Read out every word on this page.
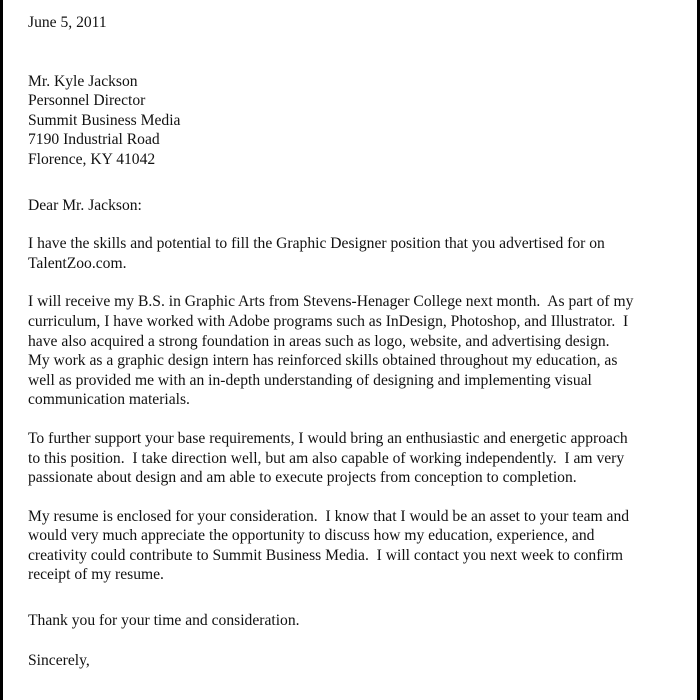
June 5, 2011
Mr. Kyle Jackson
Personnel Director
Summit Business Media
7190 Industrial Road
Florence, KY 41042
Dear Mr. Jackson:

I have the skills and potential to fill the Graphic Designer position that you advertised for on
TalentZoo.com.

I will receive my B.S. in Graphic Arts from Stevens-Henager College next month.  As part of my
curriculum, I have worked with Adobe programs such as InDesign, Photoshop, and Illustrator.  I
have also acquired a strong foundation in areas such as logo, website, and advertising design.
My work as a graphic design intern has reinforced skills obtained throughout my education, as
well as provided me with an in-depth understanding of designing and implementing visual
communication materials.

To further support your base requirements, I would bring an enthusiastic and energetic approach
to this position.  I take direction well, but am also capable of working independently.  I am very
passionate about design and am able to execute projects from conception to completion.

My resume is enclosed for your consideration.  I know that I would be an asset to your team and
would very much appreciate the opportunity to discuss how my education, experience, and
creativity could contribute to Summit Business Media.  I will contact you next week to confirm
receipt of my resume.

Thank you for your time and consideration.
Sincerely,
